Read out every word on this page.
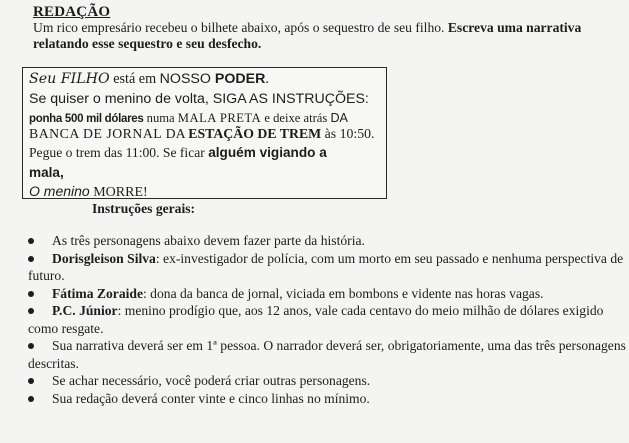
REDAÇÃO
Um rico empresário recebeu o bilhete abaixo, após o sequestro de seu filho. Escreva uma narrativa relatando esse sequestro e seu desfecho.
Seu FILHO está em NOSSO PODER.
Se quiser o menino de volta, SIGA AS INSTRUÇÕES:
ponha 500 mil dólares numa MALA PRETA e deixe atrás DA
BANCA DE JORNAL DA ESTAÇÃO DE TREM às 10:50.
Pegue o trem das 11:00. Se ficar alguém vigiando a
mala,
O menino MORRE!
Instruções gerais:
As três personagens abaixo devem fazer parte da história.
Dorisgleison Silva: ex-investigador de polícia, com um morto em seu passado e nenhuma perspectiva de futuro.
Fátima Zoraide: dona da banca de jornal, viciada em bombons e vidente nas horas vagas.
P.C. Júnior: menino prodígio que, aos 12 anos, vale cada centavo do meio milhão de dólares exigido como resgate.
Sua narrativa deverá ser em 1ª pessoa. O narrador deverá ser, obrigatoriamente, uma das três personagens descritas.
Se achar necessário, você poderá criar outras personagens.
Sua redação deverá conter vinte e cinco linhas no mínimo.
